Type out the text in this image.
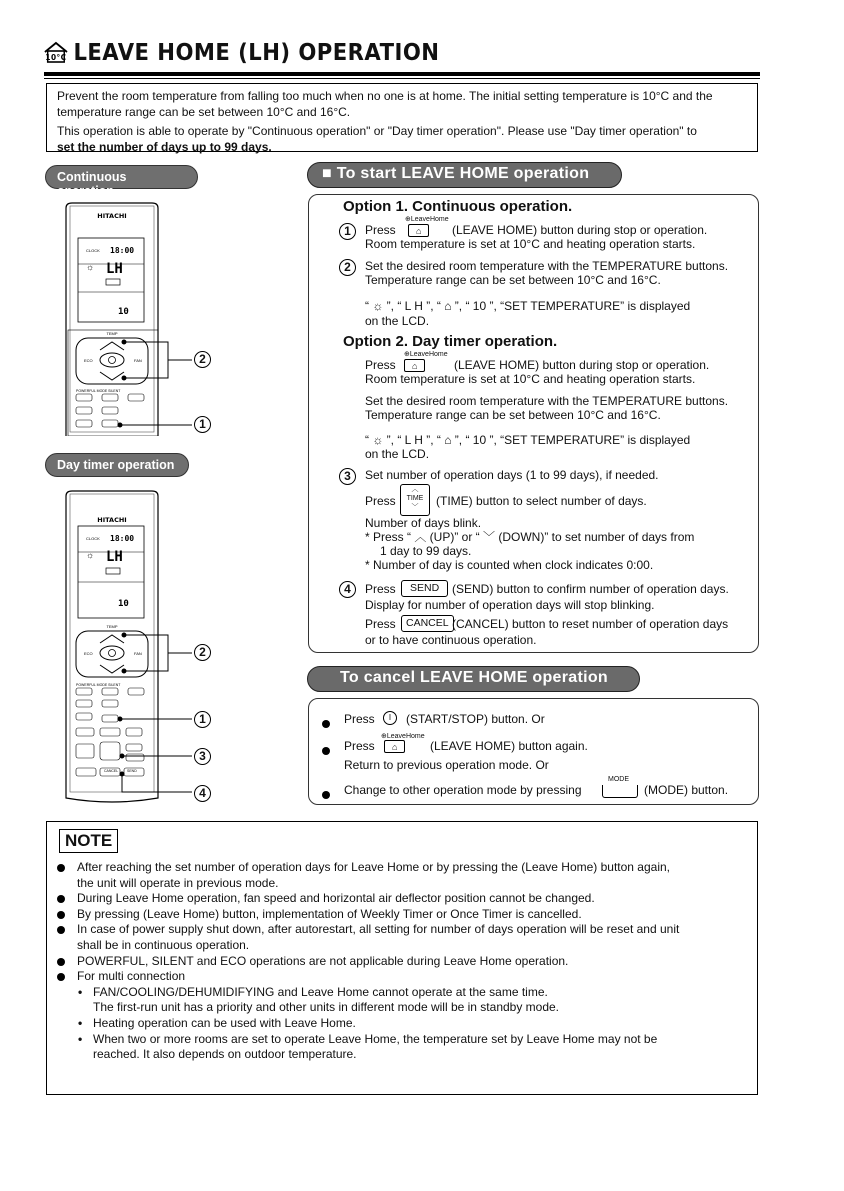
10°C LEAVE HOME (LH) OPERATION

Prevent the room temperature from falling too much when no one is at home. The initial setting temperature is 10°C and the
temperature range can be set between 10°C and 16°C.

This operation is able to operate by "Continuous operation" or "Day timer operation". Please use "Day timer operation" to
set the number of days up to 99 days.

Continuous operation
Day timer operation
HITACHI
CLOCK 18:00
☼ LH
10
TEMP
ECO	FAN
POWERFUL MODE SILENT
2
1
HITACHI
CLOCK 18:00
☼ LH
10
TEMP
ECO	FAN
POWERFUL MODE SILENT
CANCEL	SEND
2
1
3
4
■ To start LEAVE HOME operation
Option 1. Continuous operation.
1	Press
⊕LeaveHome
⌂	(LEAVE HOME) button during stop or operation.
Room temperature is set at 10°C and heating operation starts.
2	Set the desired room temperature with the TEMPERATURE buttons.
Temperature range can be set between 10°C and 16°C.
“ ☼ ”, “ L H ”, “ ⌂ ”, “ 10 ”, “SET TEMPERATURE” is displayed
on the LCD.
Option 2. Day timer operation.
Press
⊕LeaveHome
⌂	(LEAVE HOME) button during stop or operation.
Room temperature is set at 10°C and heating operation starts.
Set the desired room temperature with the TEMPERATURE buttons.
Temperature range can be set between 10°C and 16°C.
“ ☼ ”, “ L H ”, “ ⌂ ”, “ 10 ”, “SET TEMPERATURE” is displayed
on the LCD.
3	Set number of operation days (1 to 99 days), if needed.
Press
︿
TIME
﹀	(TIME) button to select number of days.
Number of days blink.
* Press “ ︿ (UP)” or “ ﹀ (DOWN)” to set number of days from
1 day to 99 days.
* Number of day is counted when clock indicates 0:00.
4	Press	SEND	(SEND) button to confirm number of operation days.
Display for number of operation days will stop blinking.
Press CANCEL (CANCEL) button to reset number of operation days
or to have continuous operation.
To cancel LEAVE HOME operation
Press	I	(START/STOP) button. Or
Press
⊕LeaveHome
⌂	(LEAVE HOME) button again.
Return to previous operation mode. Or
Change to other operation mode by pressing
MODE
(MODE) button.
NOTE
After reaching the set number of operation days for Leave Home or by pressing the (Leave Home) button again,
the unit will operate in previous mode.
During Leave Home operation, fan speed and horizontal air deflector position cannot be changed.
By pressing (Leave Home) button, implementation of Weekly Timer or Once Timer is cancelled.
In case of power supply shut down, after autorestart, all setting for number of days operation will be reset and unit
shall be in continuous operation.
POWERFUL, SILENT and ECO operations are not applicable during Leave Home operation.
For multi connection
• FAN/COOLING/DEHUMIDIFYING and Leave Home cannot operate at the same time.
The first-run unit has a priority and other units in different mode will be in standby mode.
• Heating operation can be used with Leave Home.
• When two or more rooms are set to operate Leave Home, the temperature set by Leave Home may not be
reached. It also depends on outdoor temperature.
